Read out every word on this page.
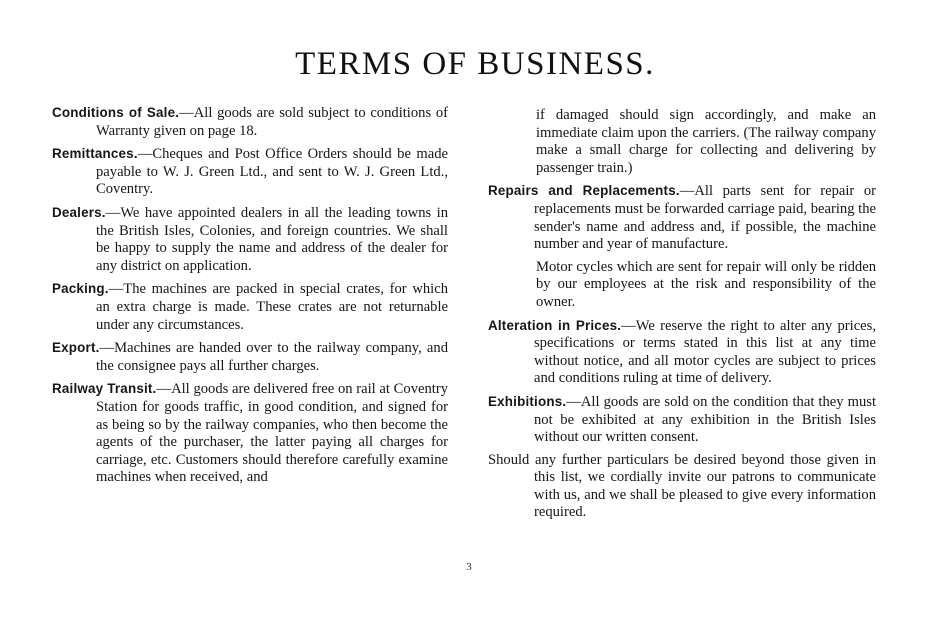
TERMS OF BUSINESS.

Conditions of Sale.—All goods are sold subject to conditions of Warranty given on page 18.

Remittances.—Cheques and Post Office Orders should be made payable to W. J. Green Ltd., and sent to W. J. Green Ltd., Coventry.

Dealers.—We have appointed dealers in all the leading towns in the British Isles, Colonies, and foreign countries. We shall be happy to supply the name and address of the dealer for any district on application.

Packing.—The machines are packed in special crates, for which an extra charge is made. These crates are not returnable under any circumstances.

Export.—Machines are handed over to the railway company, and the consignee pays all further charges.

Railway Transit.—All goods are delivered free on rail at Coventry Station for goods traffic, in good condition, and signed for as being so by the railway companies, who then become the agents of the purchaser, the latter paying all charges for carriage, etc. Customers should therefore carefully examine machines when received, and

if damaged should sign accordingly, and make an immediate claim upon the carriers. (The railway company make a small charge for collecting and delivering by passenger train.)

Repairs and Replacements.—All parts sent for repair or replacements must be forwarded carriage paid, bearing the sender's name and address and, if possible, the machine number and year of manufacture.

Motor cycles which are sent for repair will only be ridden by our employees at the risk and responsibility of the owner.

Alteration in Prices.—We reserve the right to alter any prices, specifications or terms stated in this list at any time without notice, and all motor cycles are subject to prices and conditions ruling at time of delivery.

Exhibitions.—All goods are sold on the condition that they must not be exhibited at any exhibition in the British Isles without our written consent.

Should any further particulars be desired beyond those given in this list, we cordially invite our patrons to communicate with us, and we shall be pleased to give every information required.

3
